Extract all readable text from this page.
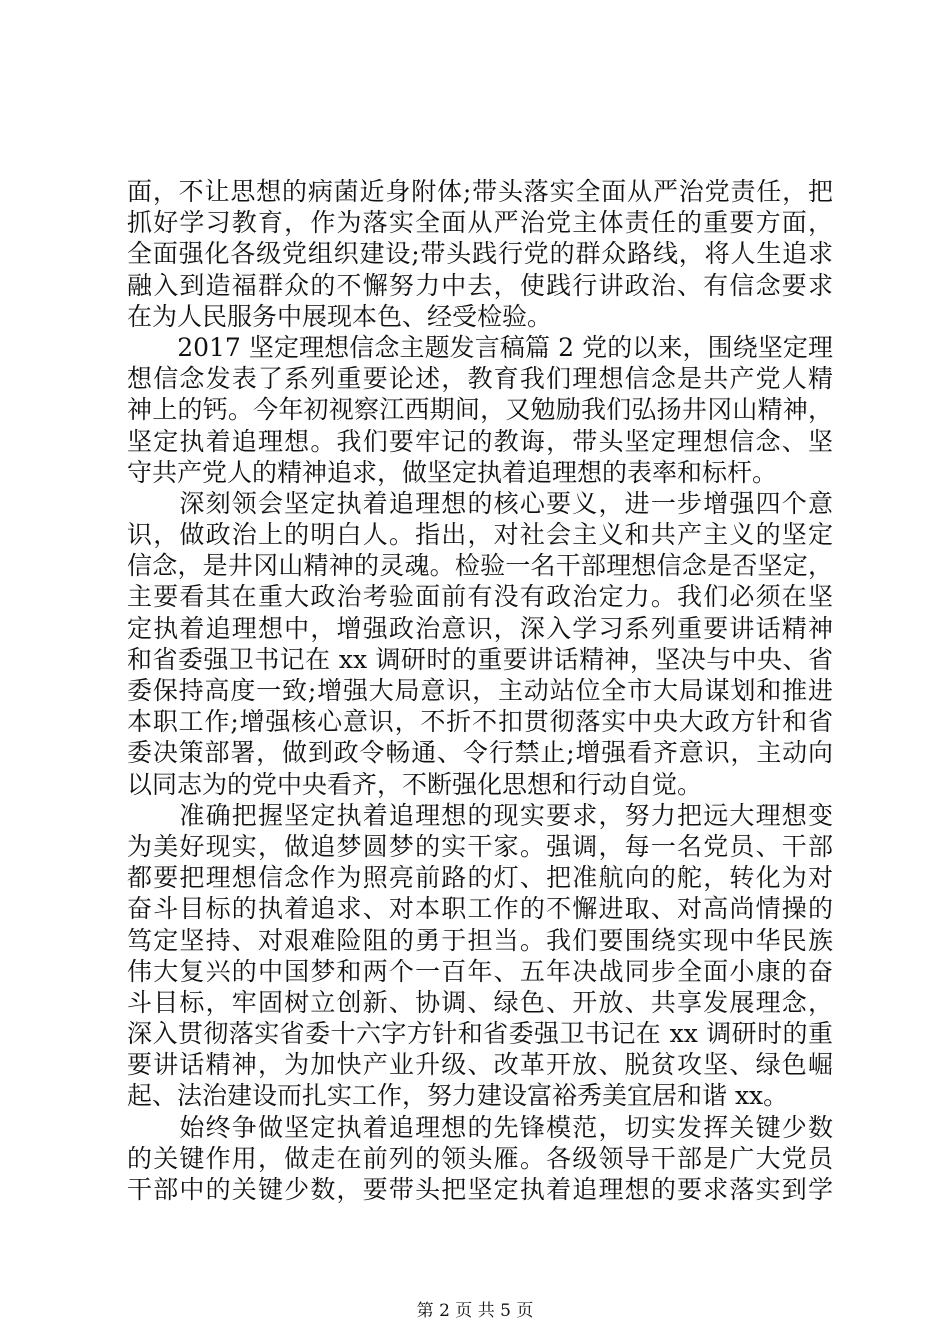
面，不让思想的病菌近身附体;带头落实全面从严治党责任，把
抓好学习教育，作为落实全面从严治党主体责任的重要方面，
全面强化各级党组织建设;带头践行党的群众路线，将人生追求
融入到造福群众的不懈努力中去，使践行讲政治、有信念要求
在为人民服务中展现本色、经受检验。
　　2017 坚定理想信念主题发言稿篇 2 党的以来，围绕坚定理
想信念发表了系列重要论述，教育我们理想信念是共产党人精
神上的钙。今年初视察江西期间，又勉励我们弘扬井冈山精神，
坚定执着追理想。我们要牢记的教诲，带头坚定理想信念、坚
守共产党人的精神追求，做坚定执着追理想的表率和标杆。
　　深刻领会坚定执着追理想的核心要义，进一步增强四个意
识，做政治上的明白人。指出，对社会主义和共产主义的坚定
信念，是井冈山精神的灵魂。检验一名干部理想信念是否坚定，
主要看其在重大政治考验面前有没有政治定力。我们必须在坚
定执着追理想中，增强政治意识，深入学习系列重要讲话精神
和省委强卫书记在 xx 调研时的重要讲话精神，坚决与中央、省
委保持高度一致;增强大局意识，主动站位全市大局谋划和推进
本职工作;增强核心意识，不折不扣贯彻落实中央大政方针和省
委决策部署，做到政令畅通、令行禁止;增强看齐意识，主动向
以同志为的党中央看齐，不断强化思想和行动自觉。
　　准确把握坚定执着追理想的现实要求，努力把远大理想变
为美好现实，做追梦圆梦的实干家。强调，每一名党员、干部
都要把理想信念作为照亮前路的灯、把准航向的舵，转化为对
奋斗目标的执着追求、对本职工作的不懈进取、对高尚情操的
笃定坚持、对艰难险阻的勇于担当。我们要围绕实现中华民族
伟大复兴的中国梦和两个一百年、五年决战同步全面小康的奋
斗目标，牢固树立创新、协调、绿色、开放、共享发展理念，
深入贯彻落实省委十六字方针和省委强卫书记在 xx 调研时的重
要讲话精神，为加快产业升级、改革开放、脱贫攻坚、绿色崛
起、法治建设而扎实工作，努力建设富裕秀美宜居和谐 xx。
　　始终争做坚定执着追理想的先锋模范，切实发挥关键少数
的关键作用，做走在前列的领头雁。各级领导干部是广大党员
干部中的关键少数，要带头把坚定执着追理想的要求落实到学
第 2 页 共 5 页
